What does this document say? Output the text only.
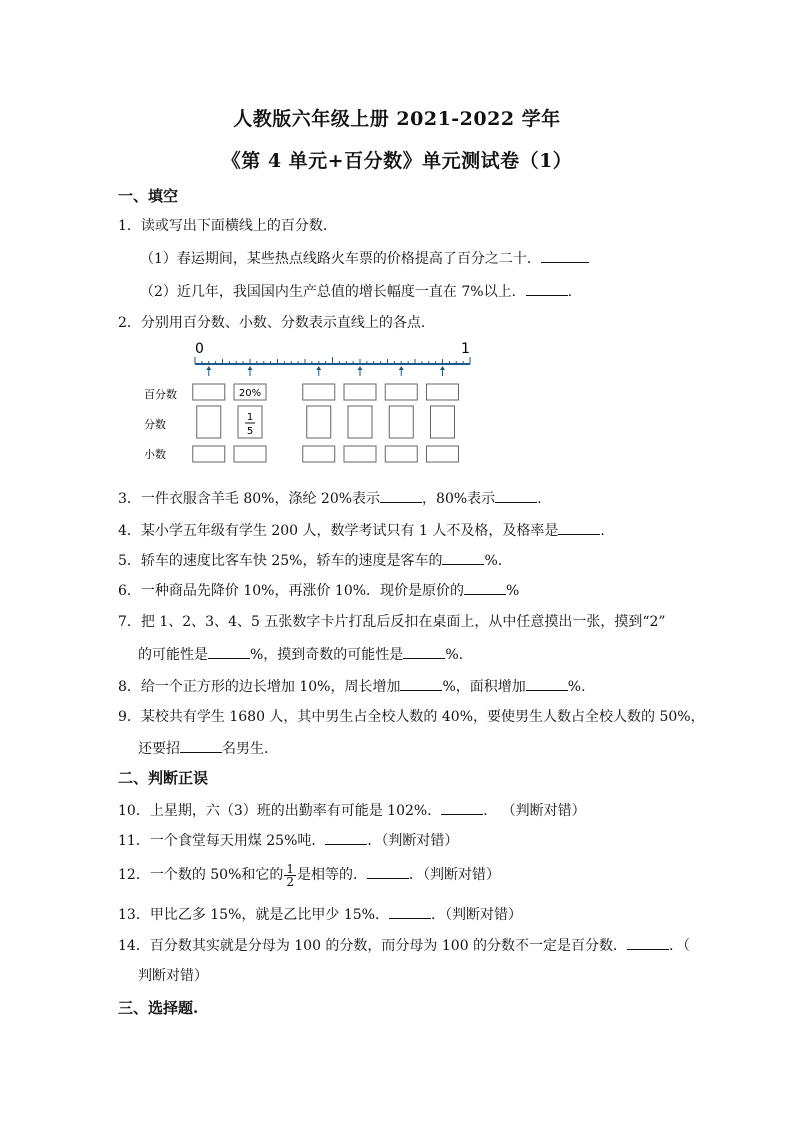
人教版六年级上册 2021-2022 学年
《第 4 单元+百分数》单元测试卷（1）
一、填空
1．读或写出下面横线上的百分数．
（1）春运期间，某些热点线路火车票的价格提高了百分之二十．
（2）近几年，我国国内生产总值的增长幅度一直在 7%以上．	.
2．分别用百分数、小数、分数表示直线上的各点．
0	1
百分数
分数
小数
20%
1
5
3．一件衣服含羊毛 80%，涤纶 20%表示	，80%表示	.
4．某小学五年级有学生 200 人，数学考试只有 1 人不及格，及格率是	.
5．轿车的速度比客车快 25%，轿车的速度是客车的	%.
6．一种商品先降价 10%，再涨价 10%．现价是原价的	%
7．把 1、2、3、4、5 五张数字卡片打乱后反扣在桌面上，从中任意摸出一张，摸到“2”
的可能性是	%，摸到奇数的可能性是	%.
8．给一个正方形的边长增加 10%，周长增加	%，面积增加	%.
9．某校共有学生 1680 人，其中男生占全校人数的 40%，要使男生人数占全校人数的 50%，
还要招	名男生．
二、判断正误
10．上星期，六（3）班的出勤率有可能是 102%．	． （判断对错）
11．一个食堂每天用煤 25%吨．	．（判断对错）
12．一个数的 50%和它的 $\frac{1}{2}$ 是相等的．	．（判断对错）
13．甲比乙多 15%，就是乙比甲少 15%．	．（判断对错）
14．百分数其实就是分母为 100 的分数，而分母为 100 的分数不一定是百分数．	．（
判断对错）
三、选择题.
